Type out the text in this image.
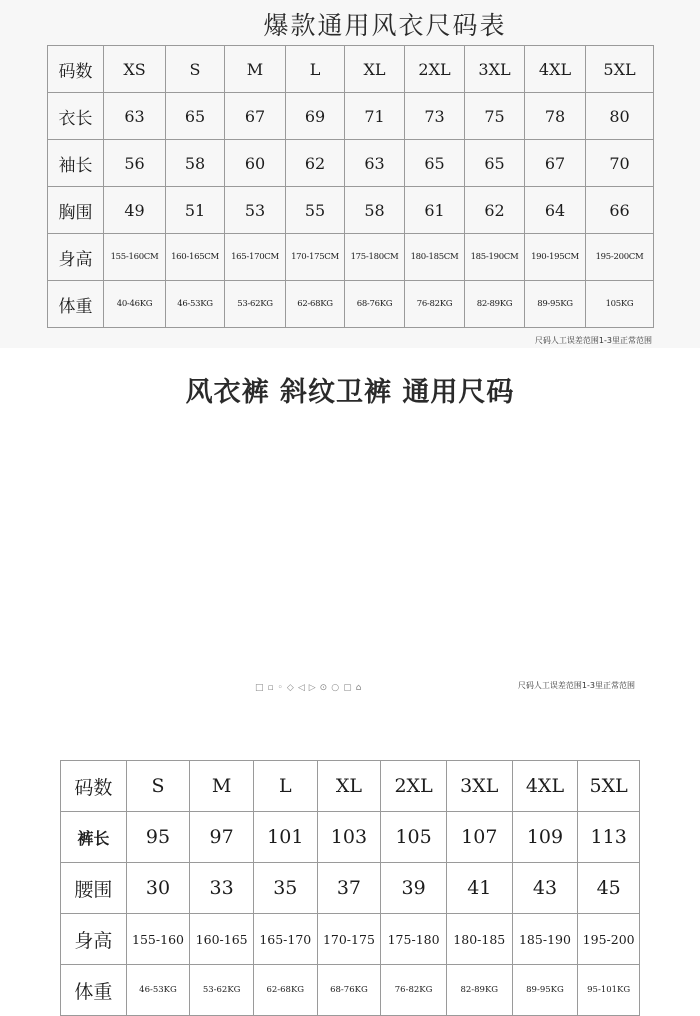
爆款通用风衣尺码表
码数	XS	S	M	L	XL	2XL	3XL	4XL	5XL
衣长	63	65	67	69	71	73	75	78	80
袖长	56	58	60	62	63	65	65	67	70
胸围	49	51	53	55	58	61	62	64	66
身高	155-160CM	160-165CM	165-170CM	170-175CM	175-180CM	180-185CM	185-190CM	190-195CM	195-200CM
体重	40-46KG	46-53KG	53-62KG	62-68KG	68-76KG	76-82KG	82-89KG	89-95KG	105KG
尺码人工误差范围1-3里正常范围
风衣裤 斜纹卫裤 通用尺码
码数	S	M	L	XL	2XL	3XL	4XL	5XL
裤长	95	97	101	103	105	107	109	113
腰围	30	33	35	37	39	41	43	45
身高	155-160	160-165	165-170	170-175	175-180	180-185	185-190	195-200
体重	46-53KG	53-62KG	62-68KG	68-76KG	76-82KG	82-89KG	89-95KG	95-101KG
尺码人工误差范围1-3里正常范围
□▫◦◇◁▷⊙○▢⌂
